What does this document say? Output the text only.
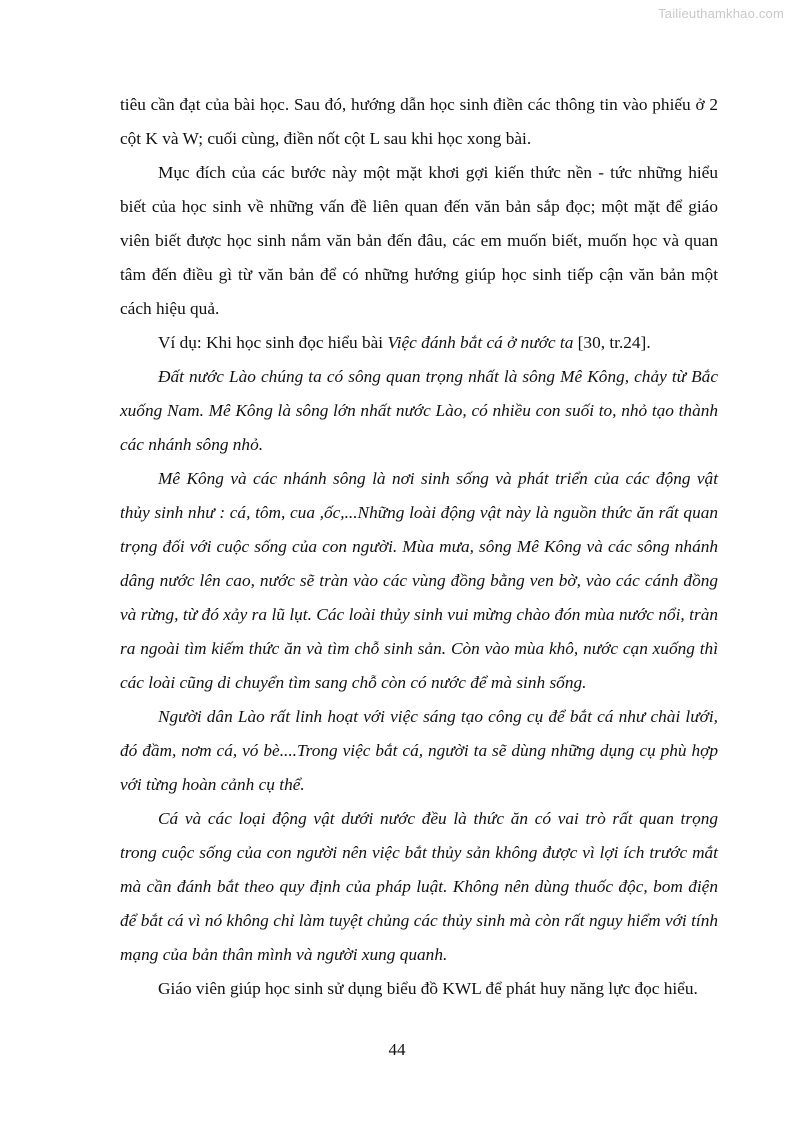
Tailieuthamkhao.com

tiêu cần đạt của bài học. Sau đó, hướng dẫn học sinh điền các thông tin vào phiếu ở 2 cột K và W; cuối cùng, điền nốt cột L sau khi học xong bài.

Mục đích của các bước này một mặt khơi gợi kiến thức nền - tức những hiểu biết của học sinh về những vấn đề liên quan đến văn bản sắp đọc; một mặt để giáo viên biết được học sinh nắm văn bản đến đâu, các em muốn biết, muốn học và quan tâm đến điều gì từ văn bản để có những hướng giúp học sinh tiếp cận văn bản một cách hiệu quả.

Ví dụ: Khi học sinh đọc hiểu bài Việc đánh bắt cá ở nước ta [30, tr.24].

Đất nước Lào chúng ta có sông quan trọng nhất là sông Mê Kông, chảy từ Bắc xuống Nam. Mê Kông là sông lớn nhất nước Lào, có nhiều con suối to, nhỏ tạo thành các nhánh sông nhỏ.

Mê Kông và các nhánh sông là nơi sinh sống và phát triển của các động vật thủy sinh như : cá, tôm, cua ,ốc,...Những loài động vật này là nguồn thức ăn rất quan trọng đối với cuộc sống của con người. Mùa mưa, sông Mê Kông và các sông nhánh dâng nước lên cao, nước sẽ tràn vào các vùng đồng bằng ven bờ, vào các cánh đồng và rừng, từ đó xảy ra lũ lụt. Các loài thủy sinh vui mừng chào đón mùa nước nổi, tràn ra ngoài tìm kiếm thức ăn và tìm chỗ sinh sản. Còn vào mùa khô, nước cạn xuống thì các loài cũng di chuyển tìm sang chỗ còn có nước để mà sinh sống.

Người dân Lào rất linh hoạt với việc sáng tạo công cụ để bắt cá như chài lưới, đó đầm, nơm cá, vó bè....Trong việc bắt cá, người ta sẽ dùng những dụng cụ phù hợp với từng hoàn cảnh cụ thể.

Cá và các loại động vật dưới nước đều là thức ăn có vai trò rất quan trọng trong cuộc sống của con người nên việc bắt thủy sản không được vì lợi ích trước mắt mà cần đánh bắt theo quy định của pháp luật. Không nên dùng thuốc độc, bom điện để bắt cá vì nó không chỉ làm tuyệt chủng các thủy sinh mà còn rất nguy hiểm với tính mạng của bản thân mình và người xung quanh.

Giáo viên giúp học sinh sử dụng biểu đồ KWL để phát huy năng lực đọc hiểu.

44
